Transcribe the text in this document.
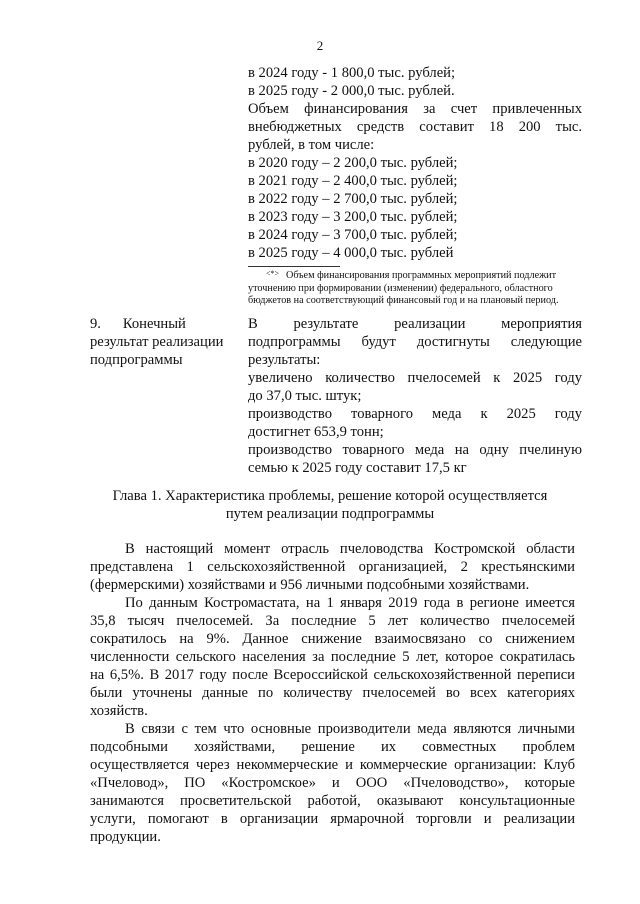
2
в 2024 году - 1 800,0 тыс. рублей;
в 2025 году - 2 000,0 тыс. рублей.
Объем финансирования за счет привлеченных
внебюджетных средств составит 18 200 тыс.
рублей, в том числе:
в 2020 году – 2 200,0 тыс. рублей;
в 2021 году – 2 400,0 тыс. рублей;
в 2022 году – 2 700,0 тыс. рублей;
в 2023 году – 3 200,0 тыс. рублей;
в 2024 году – 3 700,0 тыс. рублей;
в 2025 году – 4 000,0 тыс. рублей
<*> Объем финансирования программных мероприятий подлежит
уточнению при формировании (изменении) федерального, областного
бюджетов на соответствующий финансовый год и на плановый период.
9.      Конечный
результат реализации
подпрограммы
В результате реализации мероприятия
подпрограммы будут достигнуты следующие
результаты:
увеличено количество пчелосемей к 2025 году
до 37,0 тыс. штук;
производство товарного меда к 2025 году
достигнет 653,9 тонн;
производство товарного меда на одну пчелиную
семью к 2025 году составит 17,5 кг
Глава 1. Характеристика проблемы, решение которой осуществляется
путем реализации подпрограммы
В настоящий момент отрасль пчеловодства Костромской области
представлена 1 сельскохозяйственной организацией, 2 крестьянскими
(фермерскими) хозяйствами и 956 личными подсобными хозяйствами.
По данным Костромастата, на 1 января 2019 года в регионе имеется
35,8 тысяч пчелосемей. За последние 5 лет количество пчелосемей
сократилось на 9%. Данное снижение взаимосвязано со снижением
численности сельского населения за последние 5 лет, которое сократилась
на 6,5%. В 2017 году после Всероссийской сельскохозяйственной переписи
были уточнены данные по количеству пчелосемей во всех категориях
хозяйств.
В связи с тем что основные производители меда являются личными
подсобными хозяйствами, решение их совместных проблем
осуществляется через некоммерческие и коммерческие организации: Клуб
«Пчеловод», ПО «Костромское» и ООО «Пчеловодство», которые
занимаются просветительской работой, оказывают консультационные
услуги, помогают в организации ярмарочной торговли и реализации
продукции.
